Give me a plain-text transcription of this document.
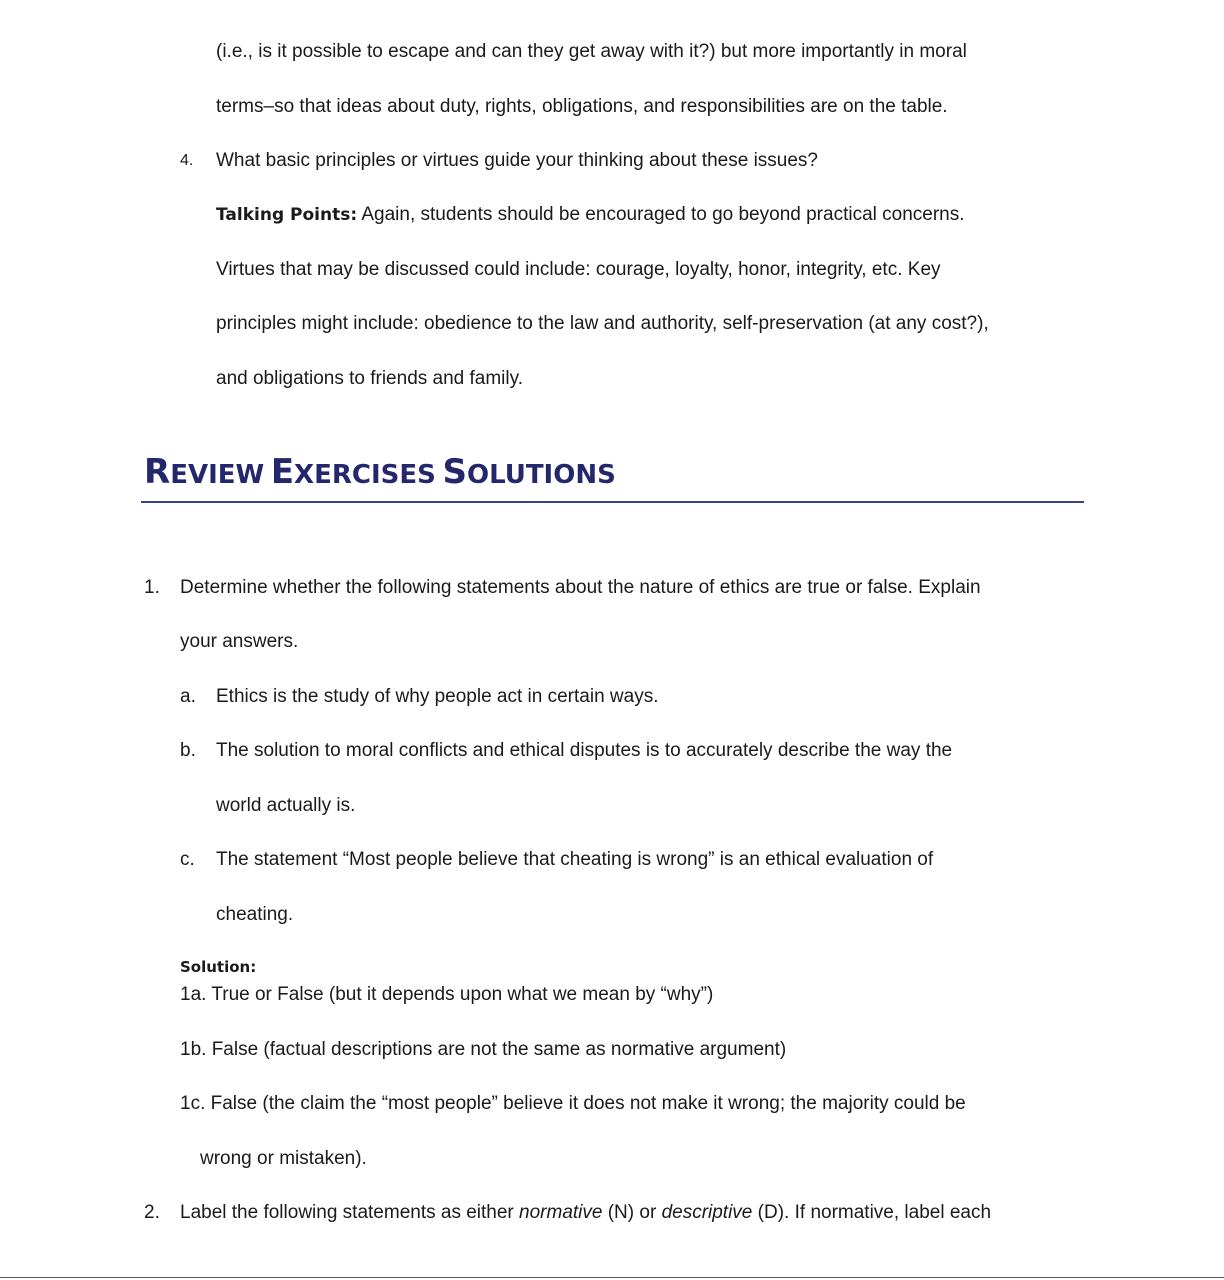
(i.e., is it possible to escape and can they get away with it?) but more importantly in moral
terms–so that ideas about duty, rights, obligations, and responsibilities are on the table.
4. What basic principles or virtues guide your thinking about these issues?
Talking Points: Again, students should be encouraged to go beyond practical concerns.
Virtues that may be discussed could include: courage, loyalty, honor, integrity, etc. Key
principles might include: obedience to the law and authority, self-preservation (at any cost?),
and obligations to friends and family.
REVIEW EXERCISES SOLUTIONS
1. Determine whether the following statements about the nature of ethics are true or false. Explain
your answers.
a. Ethics is the study of why people act in certain ways.
b. The solution to moral conflicts and ethical disputes is to accurately describe the way the
world actually is.
c. The statement “Most people believe that cheating is wrong” is an ethical evaluation of
cheating.
Solution:
1a. True or False (but it depends upon what we mean by “why”)
1b. False (factual descriptions are not the same as normative argument)
1c. False (the claim the “most people” believe it does not make it wrong; the majority could be
wrong or mistaken).
2. Label the following statements as either normative (N) or descriptive (D). If normative, label each
